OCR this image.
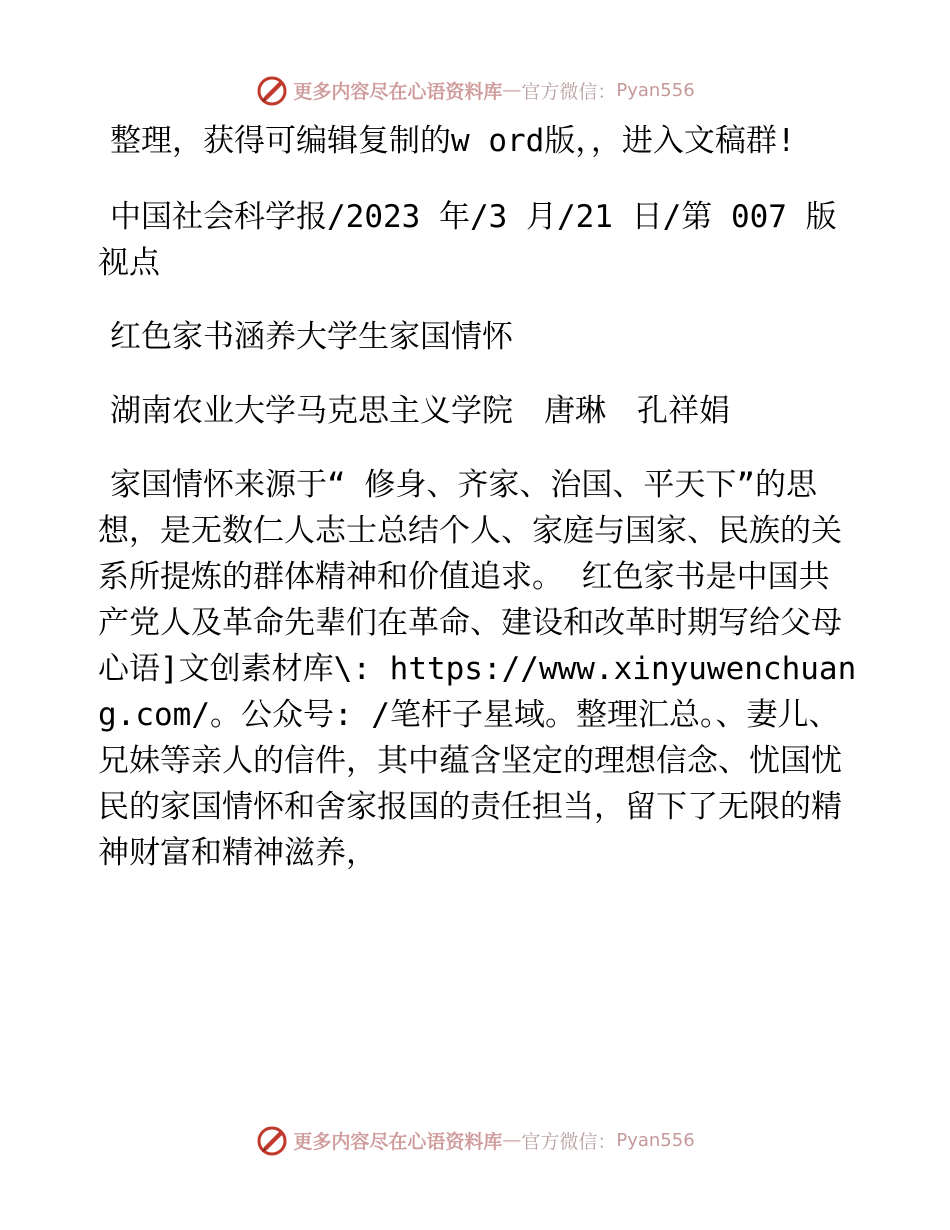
更多内容尽在心语资料库 — 官方微信： Pyan556

整理，获得可编辑复制的w ord版，，进入文稿群!

中国社会科学报/2023 年/3 月/21 日/第 007 版视点

红色家书涵养大学生家国情怀

湖南农业大学马克思主义学院　唐琳　孔祥娟

家国情怀来源于“ 修身、齐家、治国、平天下”的思想，是无数仁人志士总结个人、家庭与国家、民族的关系所提炼的群体精神和价值追求。 红色家书是中国共产党人及革命先辈们在革命、建设和改革时期写给父母心语]文创素材库\: https://www.xinyuwenchuang.com/。公众号: /笔杆子星域。整理汇总。、妻儿、兄妹等亲人的信件，其中蕴含坚定的理想信念、忧国忧民的家国情怀和舍家报国的责任担当，留下了无限的精神财富和精神滋养，

更多内容尽在心语资料库 — 官方微信： Pyan556
